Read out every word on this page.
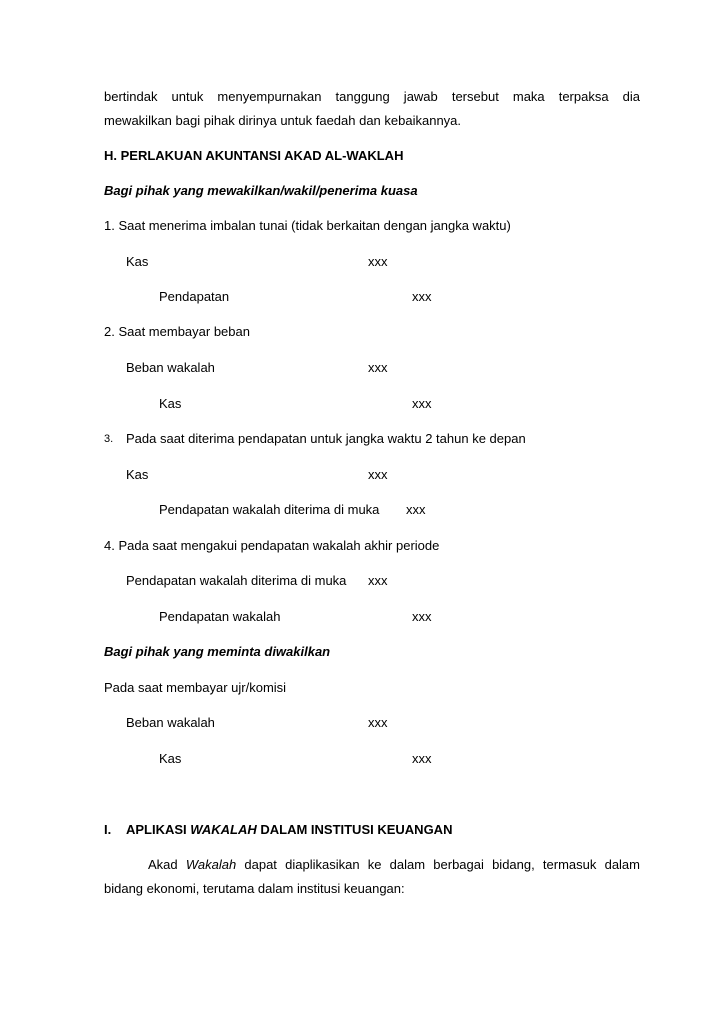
bertindak untuk menyempurnakan tanggung jawab tersebut maka terpaksa dia
mewakilkan bagi pihak dirinya untuk faedah dan kebaikannya.
H. PERLAKUAN AKUNTANSI AKAD AL-WAKLAH
Bagi pihak yang mewakilkan/wakil/penerima kuasa
1. Saat menerima imbalan tunai (tidak berkaitan dengan jangka waktu)
Kas	xxx
Pendapatan	xxx
2. Saat membayar beban
Beban wakalah	xxx
Kas	xxx
3. Pada saat diterima pendapatan untuk jangka waktu 2 tahun ke depan
Kas	xxx
Pendapatan wakalah diterima di muka xxx
4. Pada saat mengakui pendapatan wakalah akhir periode
Pendapatan wakalah diterima di muka xxx
Pendapatan wakalah	xxx
Bagi pihak yang meminta diwakilkan
Pada saat membayar ujr/komisi
Beban wakalah	xxx
Kas	xxx
I. APLIKASI WAKALAH DALAM INSTITUSI KEUANGAN
Akad Wakalah dapat diaplikasikan ke dalam berbagai bidang, termasuk dalam
bidang ekonomi, terutama dalam institusi keuangan:
